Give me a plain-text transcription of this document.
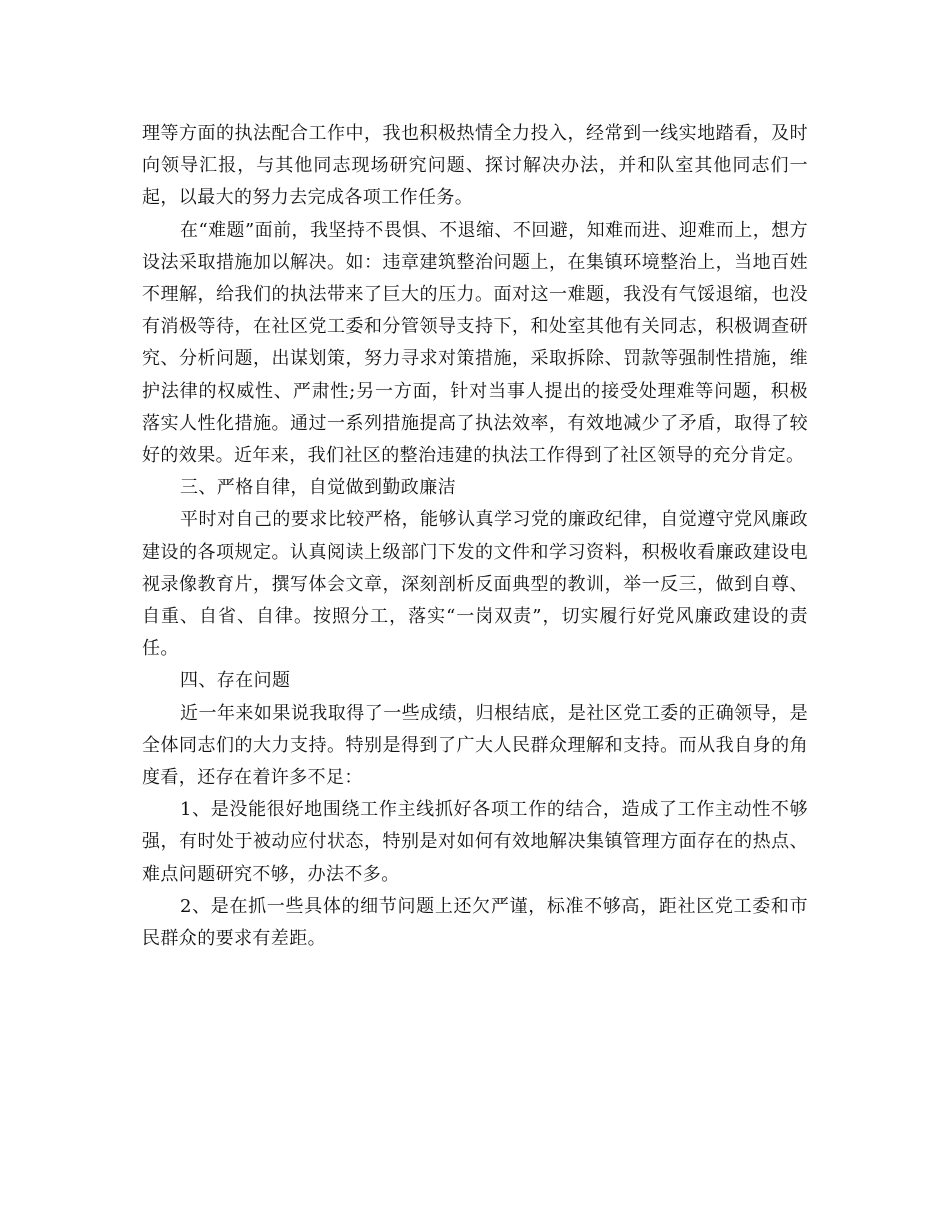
理等方面的执法配合工作中，我也积极热情全力投入，经常到一线实地踏看，及时向领导汇报，与其他同志现场研究问题、探讨解决办法，并和队室其他同志们一起，以最大的努力去完成各项工作任务。

在“难题”面前，我坚持不畏惧、不退缩、不回避，知难而进、迎难而上，想方设法采取措施加以解决。如：违章建筑整治问题上，在集镇环境整治上，当地百姓不理解，给我们的执法带来了巨大的压力。面对这一难题，我没有气馁退缩，也没有消极等待，在社区党工委和分管领导支持下，和处室其他有关同志，积极调查研究、分析问题，出谋划策，努力寻求对策措施，采取拆除、罚款等强制性措施，维护法律的权威性、严肃性;另一方面，针对当事人提出的接受处理难等问题，积极落实人性化措施。通过一系列措施提高了执法效率，有效地减少了矛盾，取得了较好的效果。近年来，我们社区的整治违建的执法工作得到了社区领导的充分肯定。

三、严格自律，自觉做到勤政廉洁

平时对自己的要求比较严格，能够认真学习党的廉政纪律，自觉遵守党风廉政建设的各项规定。认真阅读上级部门下发的文件和学习资料，积极收看廉政建设电视录像教育片，撰写体会文章，深刻剖析反面典型的教训，举一反三，做到自尊、自重、自省、自律。按照分工，落实“一岗双责”，切实履行好党风廉政建设的责任。

四、存在问题

近一年来如果说我取得了一些成绩，归根结底，是社区党工委的正确领导，是全体同志们的大力支持。特别是得到了广大人民群众理解和支持。而从我自身的角度看，还存在着许多不足：

1、是没能很好地围绕工作主线抓好各项工作的结合，造成了工作主动性不够强，有时处于被动应付状态，特别是对如何有效地解决集镇管理方面存在的热点、难点问题研究不够，办法不多。

2、是在抓一些具体的细节问题上还欠严谨，标准不够高，距社区党工委和市民群众的要求有差距。
